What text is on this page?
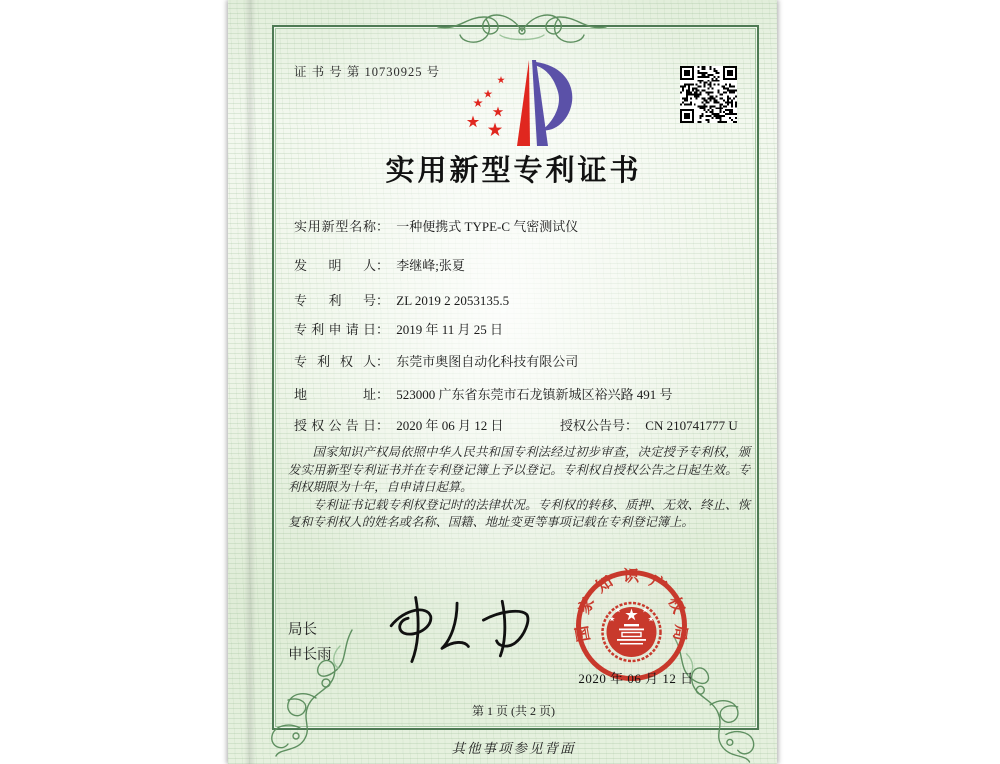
证 书 号 第 10730925 号
实用新型专利证书
实用新型名称： 一种便携式 TYPE-C 气密测试仪
发明人： 李继峰;张夏
专利号： ZL 2019 2 2053135.5
专利申请日： 2019 年 11 月 25 日
专利权人： 东莞市奥图自动化科技有限公司
地址： 523000 广东省东莞市石龙镇新城区裕兴路 491 号
授权公告日： 2020 年 06 月 12 日	授权公告号： CN 210741777 U

国家知识产权局依照中华人民共和国专利法经过初步审查，决定授予专利权，颁发实用新型专利证书并在专利登记簿上予以登记。专利权自授权公告之日起生效。专利权期限为十年，自申请日起算。

专利证书记载专利权登记时的法律状况。专利权的转移、质押、无效、终止、恢复和专利权人的姓名或名称、国籍、地址变更等事项记载在专利登记簿上。

局长
申长雨
国家知识产权局
2020 年 06 月 12 日
第 1 页 (共 2 页)
其他事项参见背面
